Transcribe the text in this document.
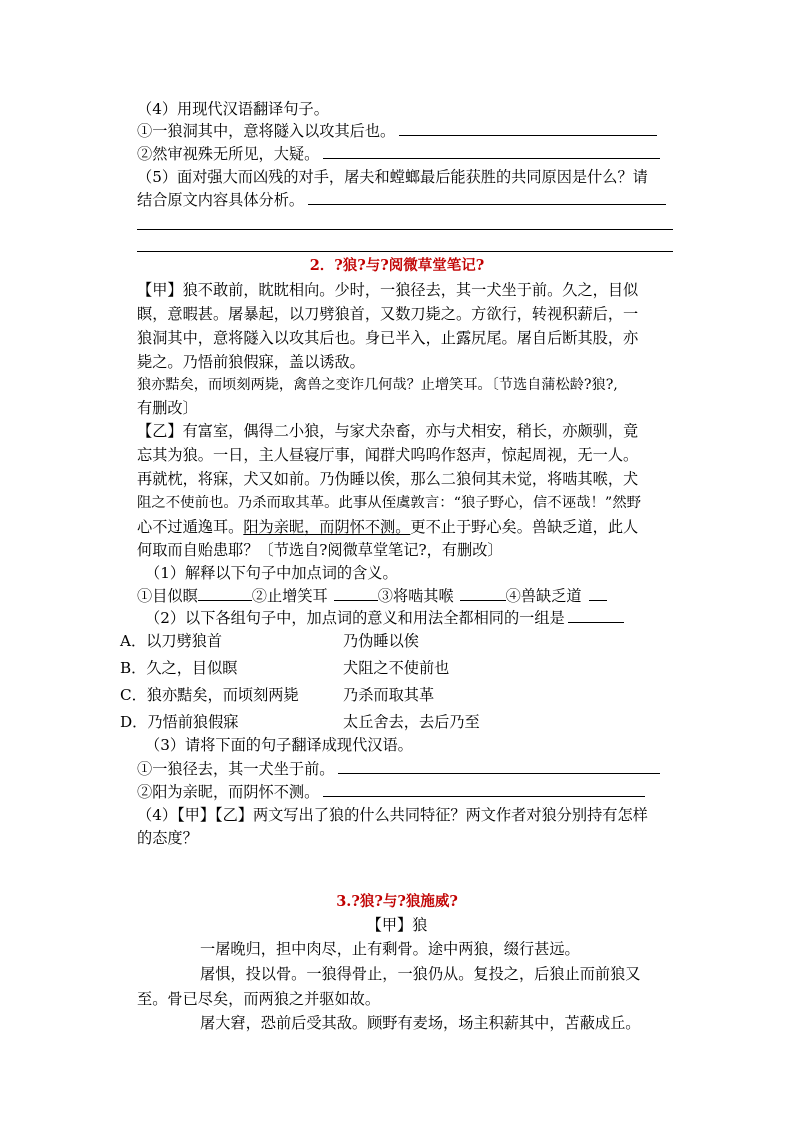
（4）用现代汉语翻译句子。
①一狼洞其中，意将隧入以攻其后也。
②然审视殊无所见，大疑。
（5）面对强大而凶残的对手，屠夫和螳螂最后能获胜的共同原因是什么？请
结合原文内容具体分析。
2．?狼?与?阅微草堂笔记?
【甲】狼不敢前，眈眈相向。少时，一狼径去，其一犬坐于前。久之，目似
瞑，意暇甚。屠暴起，以刀劈狼首，又数刀毙之。方欲行，转视积薪后，一
狼洞其中，意将隧入以攻其后也。身已半入，止露尻尾。屠自后断其股，亦
毙之。乃悟前狼假寐，盖以诱敌。
狼亦黠矣，而顷刻两毙，禽兽之变诈几何哉？止增笑耳。〔节选自蒲松龄?狼?,
有删改〕
【乙】有富室，偶得二小狼，与家犬杂畜，亦与犬相安，稍长，亦颇驯，竟
忘其为狼。一日，主人昼寝厅事，闻群犬呜呜作怒声，惊起周视，无一人。
再就枕，将寐，犬又如前。乃伪睡以俟，那么二狼伺其未觉，将啮其喉，犬
阻之不使前也。乃杀而取其革。此事从侄虞敦言：“狼子野心，信不诬哉！”然野
心不过遁逸耳。阳为亲昵，而阴怀不测。更不止于野心矣。兽缺乏道，此人
何取而自贻患耶？〔节选自?阅微草堂笔记?，有删改〕
（1）解释以下句子中加点词的含义。
①目似瞑	②止增笑耳	③将啮其喉	④兽缺乏道
（2）以下各组句子中，加点词的意义和用法全都相同的一组是
A．以刀劈狼首	乃伪睡以俟
B．久之，目似瞑	犬阻之不使前也
C．狼亦黠矣，而顷刻两毙	乃杀而取其革
D．乃悟前狼假寐	太丘舍去，去后乃至
（3）请将下面的句子翻译成现代汉语。
①一狼径去，其一犬坐于前。
②阳为亲昵，而阴怀不测。
（4）【甲】【乙】两文写出了狼的什么共同特征？两文作者对狼分别持有怎样
的态度？
3.?狼?与?狼施威?
【甲】狼
一屠晚归，担中肉尽，止有剩骨。途中两狼，缀行甚远。
屠惧，投以骨。一狼得骨止，一狼仍从。复投之，后狼止而前狼又
至。骨已尽矣，而两狼之并驱如故。
屠大窘，恐前后受其敌。顾野有麦场，场主积薪其中，苫蔽成丘。
